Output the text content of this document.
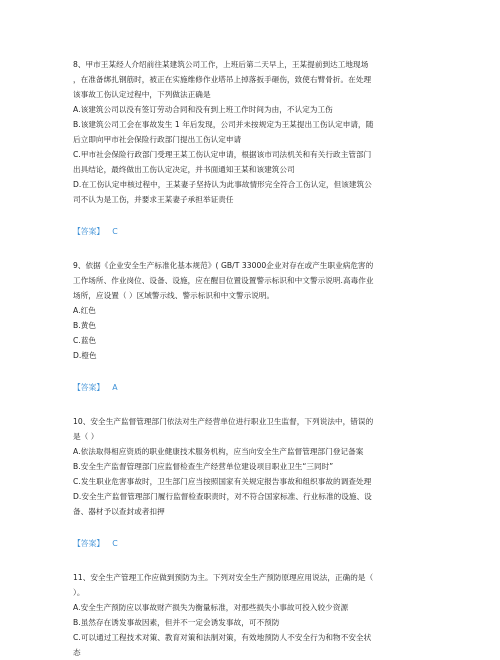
8、甲市王某经人介绍前往某建筑公司工作，上班后第二天早上，王某提前到达工地现场
，在准备绑扎钢筋时，被正在实施维修作业塔吊上掉落扳手砸伤，致使右臂骨折。在处理
该事故工伤认定过程中，下列做法正确是
A.该建筑公司以没有签订劳动合同和没有到上班工作时间为由，不认定为工伤
B.该建筑公司工会在事故发生 1 年后发现，公司并未按规定为王某提出工伤认定申请，随
后立即向甲市社会保险行政部门提出工伤认定申请
C.甲市社会保险行政部门受理王某工伤认定申请，根据该市司法机关和有关行政主管部门
出具结论，最终做出工伤认定决定，并书面通知王某和该建筑公司
D.在工伤认定申核过程中，王某妻子坚持认为此事故情形完全符合工伤认定，但该建筑公
司不认为是工伤，并要求王某妻子承担举证责任
【答案】 C
9、依据《企业安全生产标准化基本规范》( GB/T 33000企业对存在或产生职业病危害的
工作场所、作业岗位、设备、设施，应在醒目位置设置警示标识和中文警示说明.高毒作业
场所，应设置（ ）区域警示线、警示标识和中文警示说明。
A.红色
B.黄色
C.蓝色
D.橙色
【答案】 A
10、安全生产监督管理部门依法对生产经营单位进行职业卫生监督，下列说法中，错误的
是（ ）
A.依法取得相应资质的职业健康技术服务机构，应当向安全生产监督管理部门登记备案
B.安全生产监督管理部门应监督检查生产经营单位建设项目职业卫生“三同时”
C.发生职业危害事故时，卫生部门应当按照国家有关规定报告事故和组织事故的调查处理
D.安全生产监督管理部门履行监督检查职责时，对不符合国家标准、行业标准的设施、设
备、器材予以查封或者扣押
【答案】 C
11、安全生产管理工作应做到预防为主。下列对安全生产预防原理应用说法，正确的是（
）。
A.安全生产预防应以事故财产损失为衡量标准，对那些损失小事故可投入较少资源
B.虽然存在诱发事故因素，但并不一定会诱发事故，可不预防
C.可以通过工程技术对策、教育对策和法制对策，有效地预防人不安全行为和物不安全状
态
